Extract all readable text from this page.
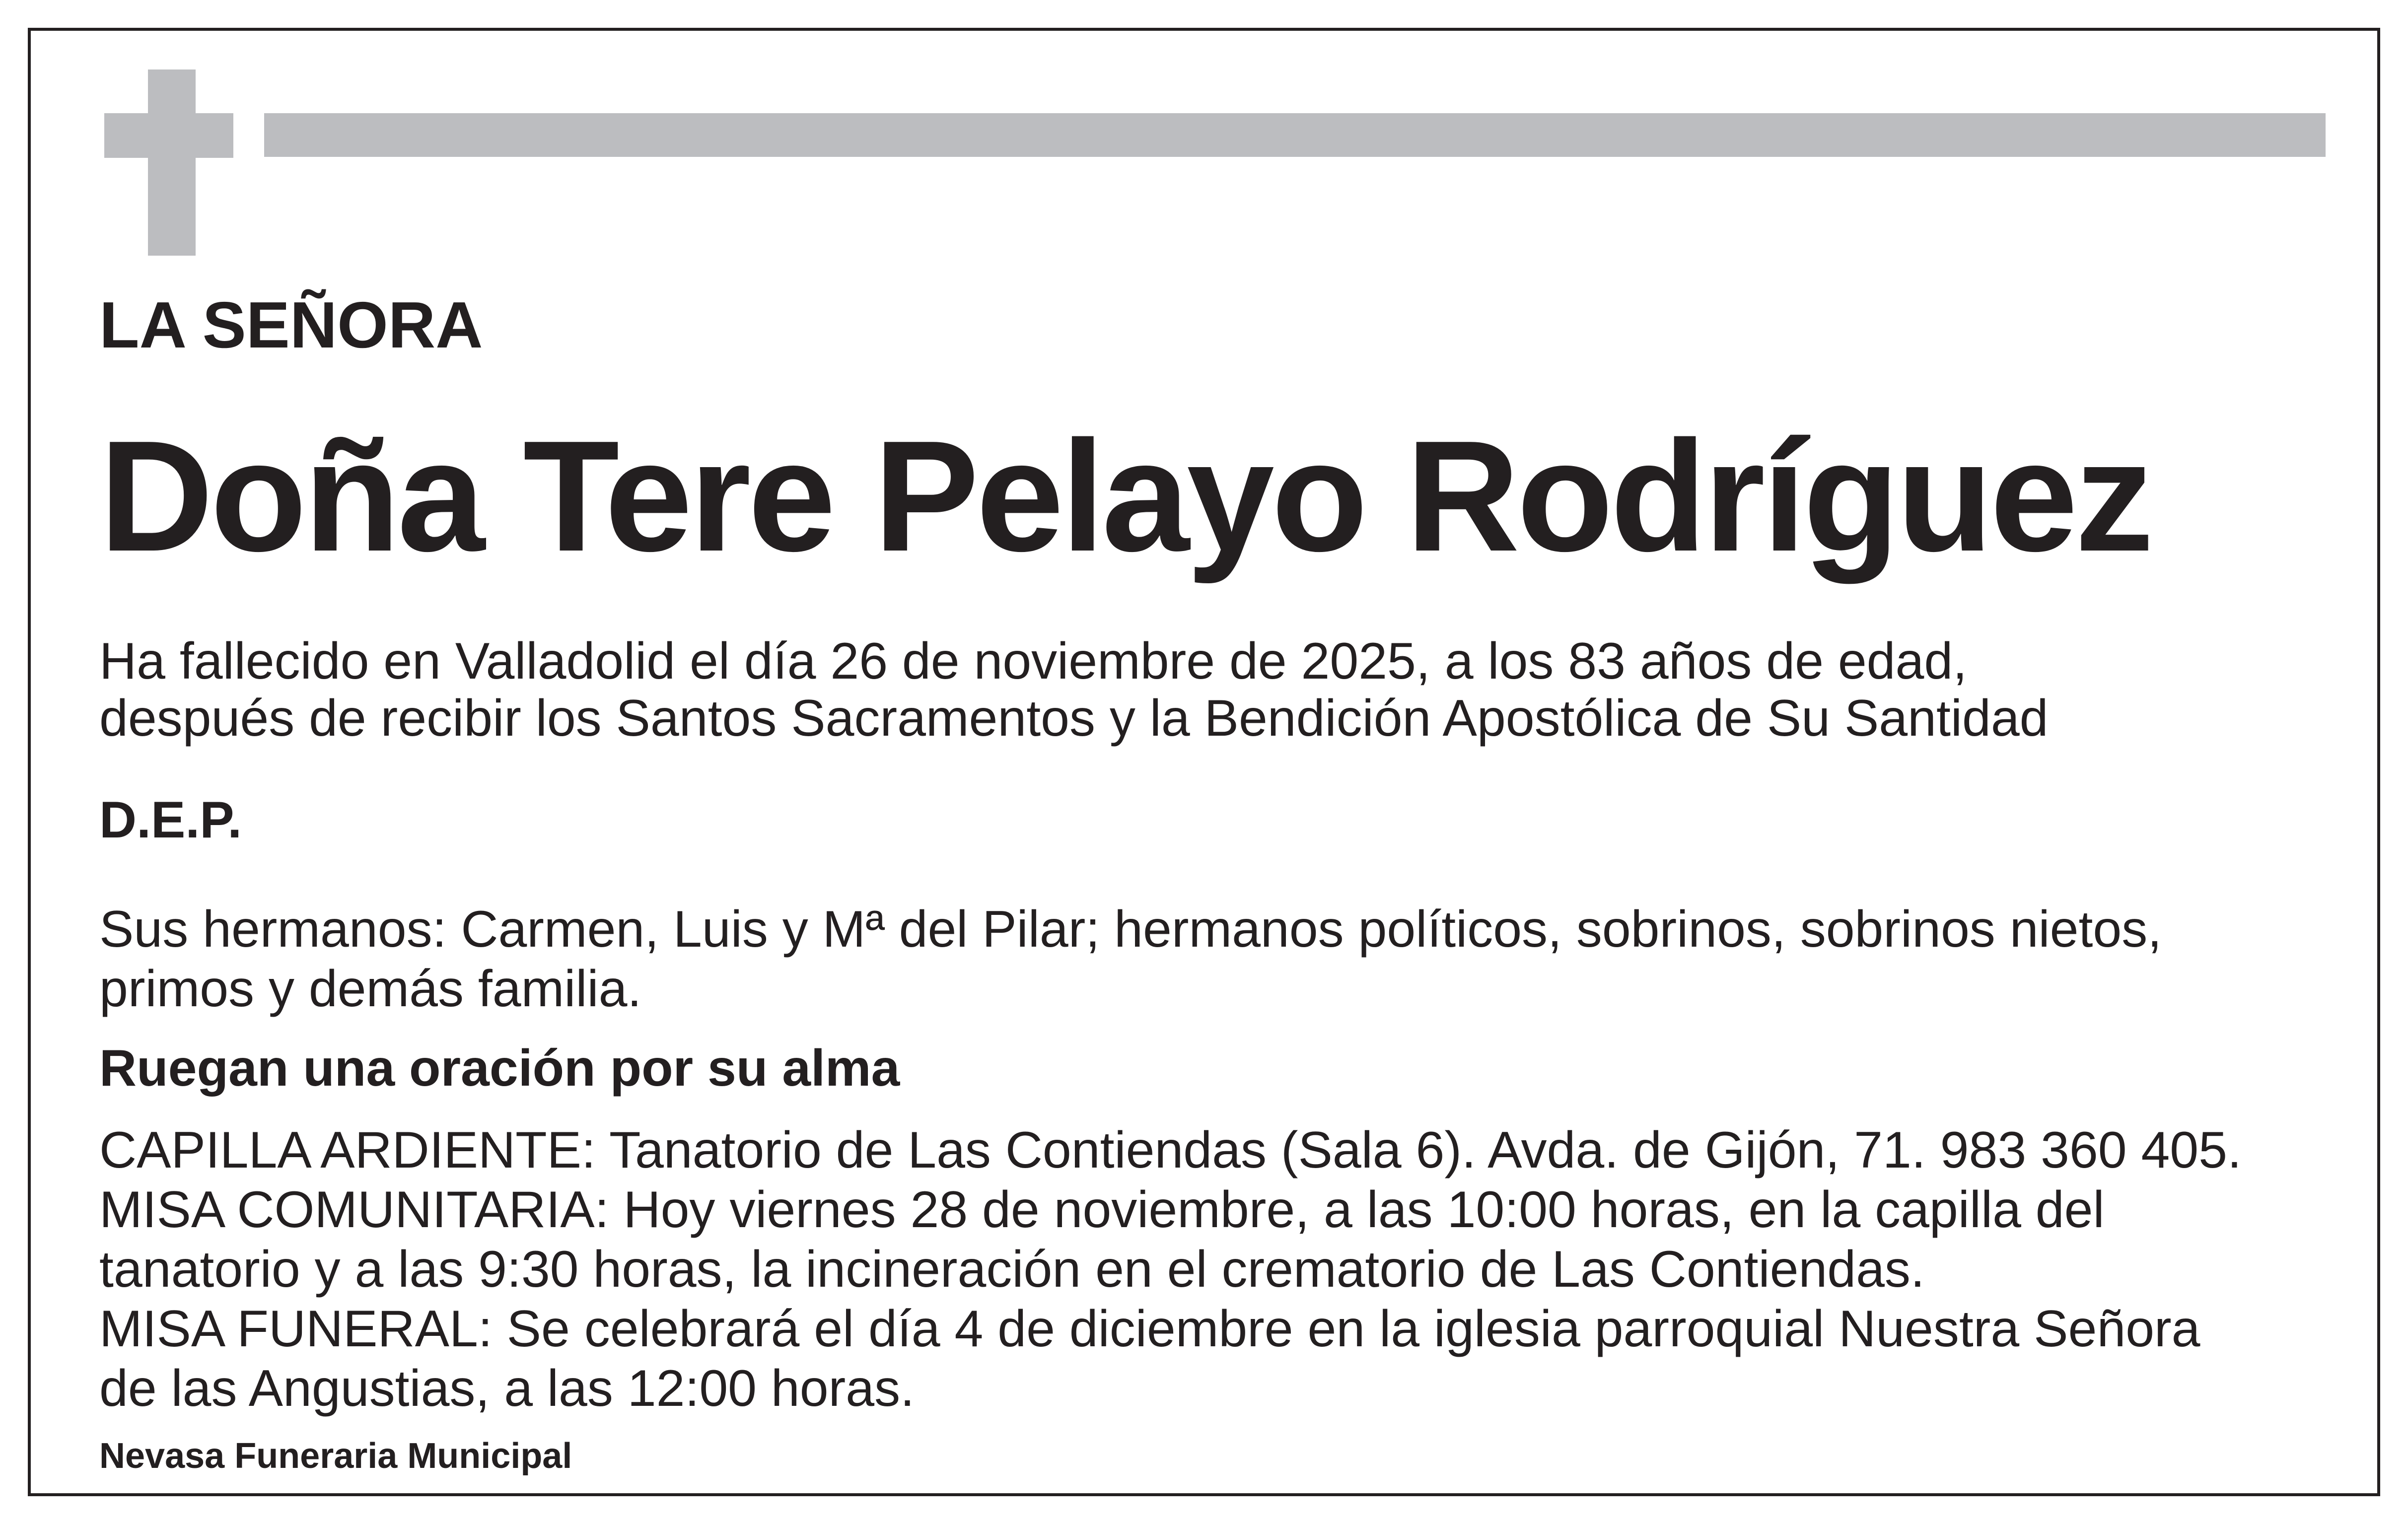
LA SEÑORA
Doña Tere Pelayo Rodríguez
Ha fallecido en Valladolid el día 26 de noviembre de 2025, a los 83 años de edad,
después de recibir los Santos Sacramentos y la Bendición Apostólica de Su Santidad
D.E.P.
Sus hermanos: Carmen, Luis y Mª del Pilar; hermanos políticos, sobrinos, sobrinos nietos,
primos y demás familia.
Ruegan una oración por su alma
CAPILLA ARDIENTE: Tanatorio de Las Contiendas (Sala 6). Avda. de Gijón, 71. 983 360 405.
MISA COMUNITARIA: Hoy viernes 28 de noviembre, a las 10:00 horas, en la capilla del
tanatorio y a las 9:30 horas, la incineración en el crematorio de Las Contiendas.
MISA FUNERAL: Se celebrará el día 4 de diciembre en la iglesia parroquial Nuestra Señora
de las Angustias, a las 12:00 horas.
Nevasa Funeraria Municipal
